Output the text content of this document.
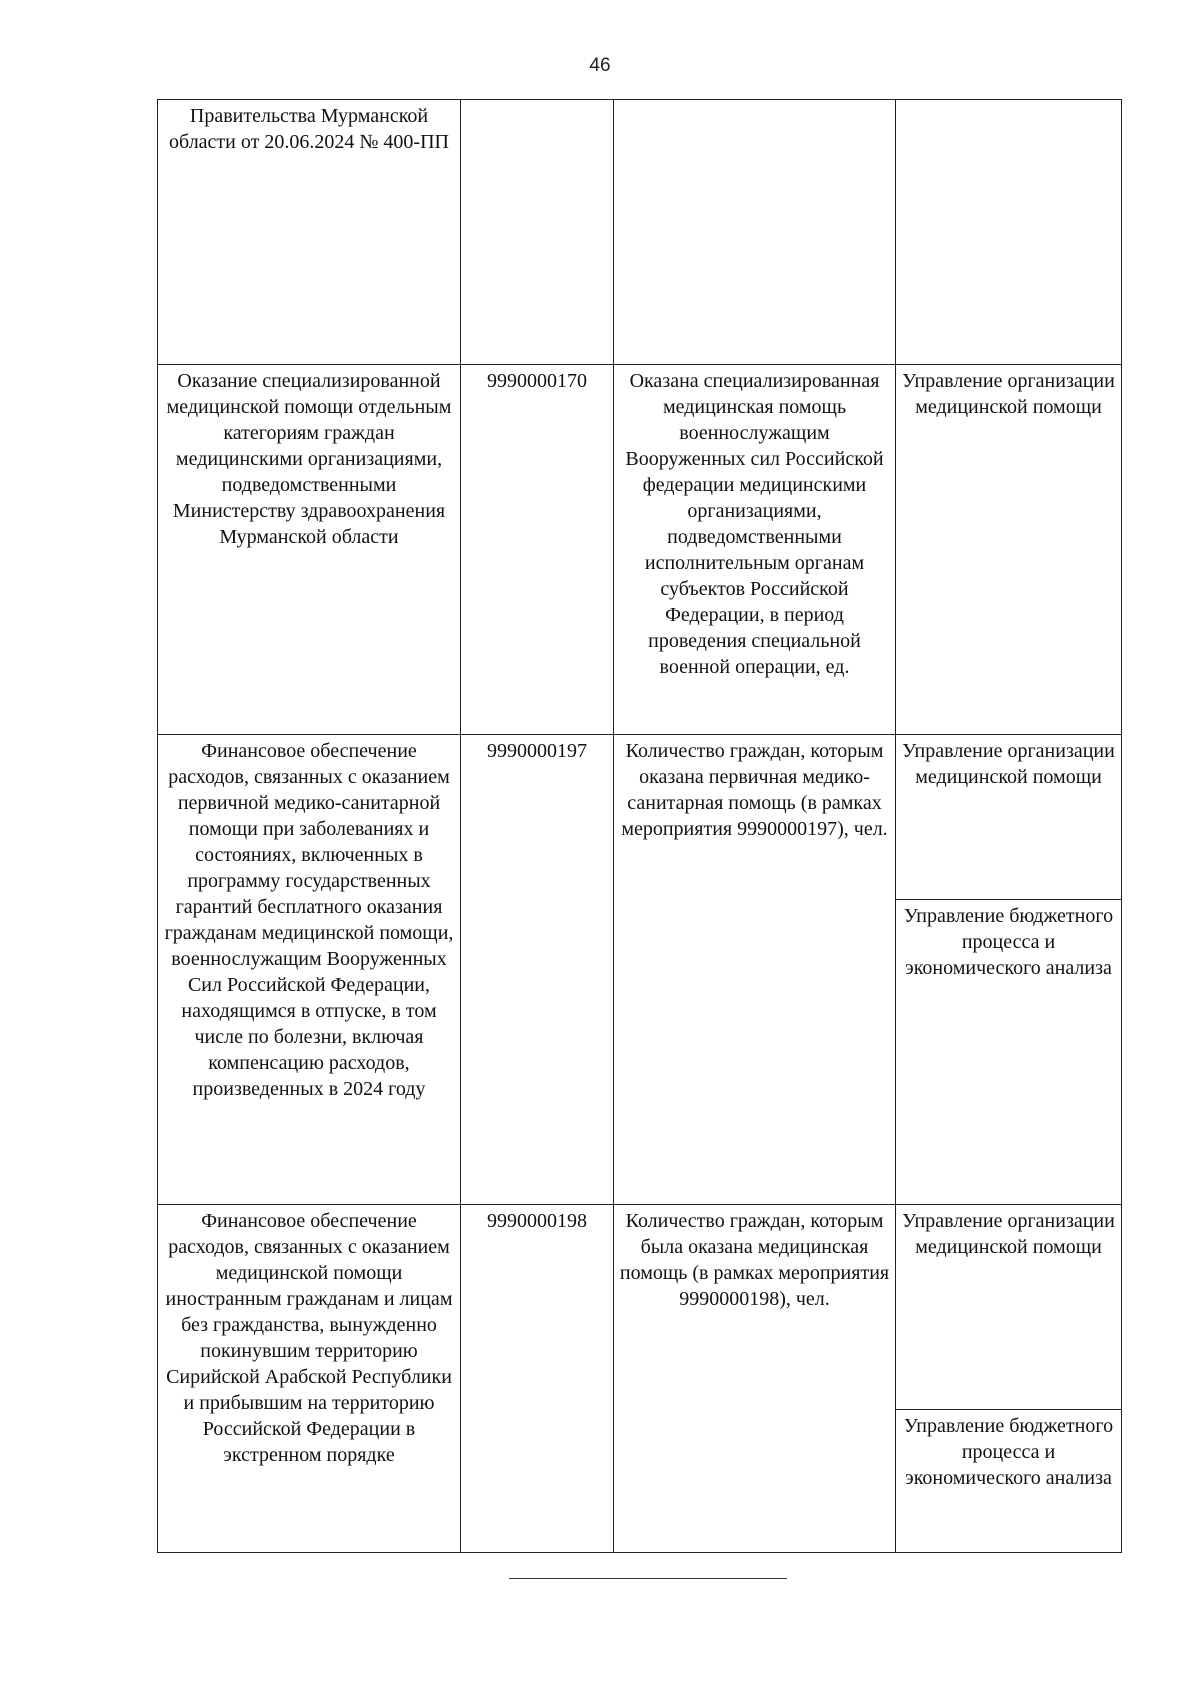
46
Правительства Мурманской области от 20.06.2024 № 400-ПП			

Оказание специализированной медицинской помощи отдельным категориям граждан медицинскими организациями, подведомственными Министерству здравоохранения Мурманской области	9990000170	Оказана специализированная медицинская помощь военнослужащим Вооруженных сил Российской федерации медицинскими организациями, подведомственными исполнительным органам субъектов Российской Федерации, в период проведения специальной военной операции, ед.	Управление организации медицинской помощи

Финансовое обеспечение расходов, связанных с оказанием первичной медико-санитарной помощи при заболеваниях и состояниях, включенных в программу государственных гарантий бесплатного оказания гражданам медицинской помощи, военнослужащим Вооруженных Сил Российской Федерации, находящимся в отпуске, в том числе по болезни, включая компенсацию расходов, произведенных в 2024 году	9990000197	Количество граждан, которым оказана первичная медико-санитарная помощь (в рамках мероприятия 9990000197), чел.	Управление организации медицинской помощи
Управление бюджетного процесса и экономического анализа

Финансовое обеспечение расходов, связанных с оказанием медицинской помощи иностранным гражданам и лицам без гражданства, вынужденно покинувшим территорию Сирийской Арабской Республики и прибывшим на территорию Российской Федерации в экстренном порядке	9990000198	Количество граждан, которым была оказана медицинская помощь (в рамках мероприятия 9990000198), чел.	Управление организации медицинской помощи
Управление бюджетного процесса и экономического анализа
